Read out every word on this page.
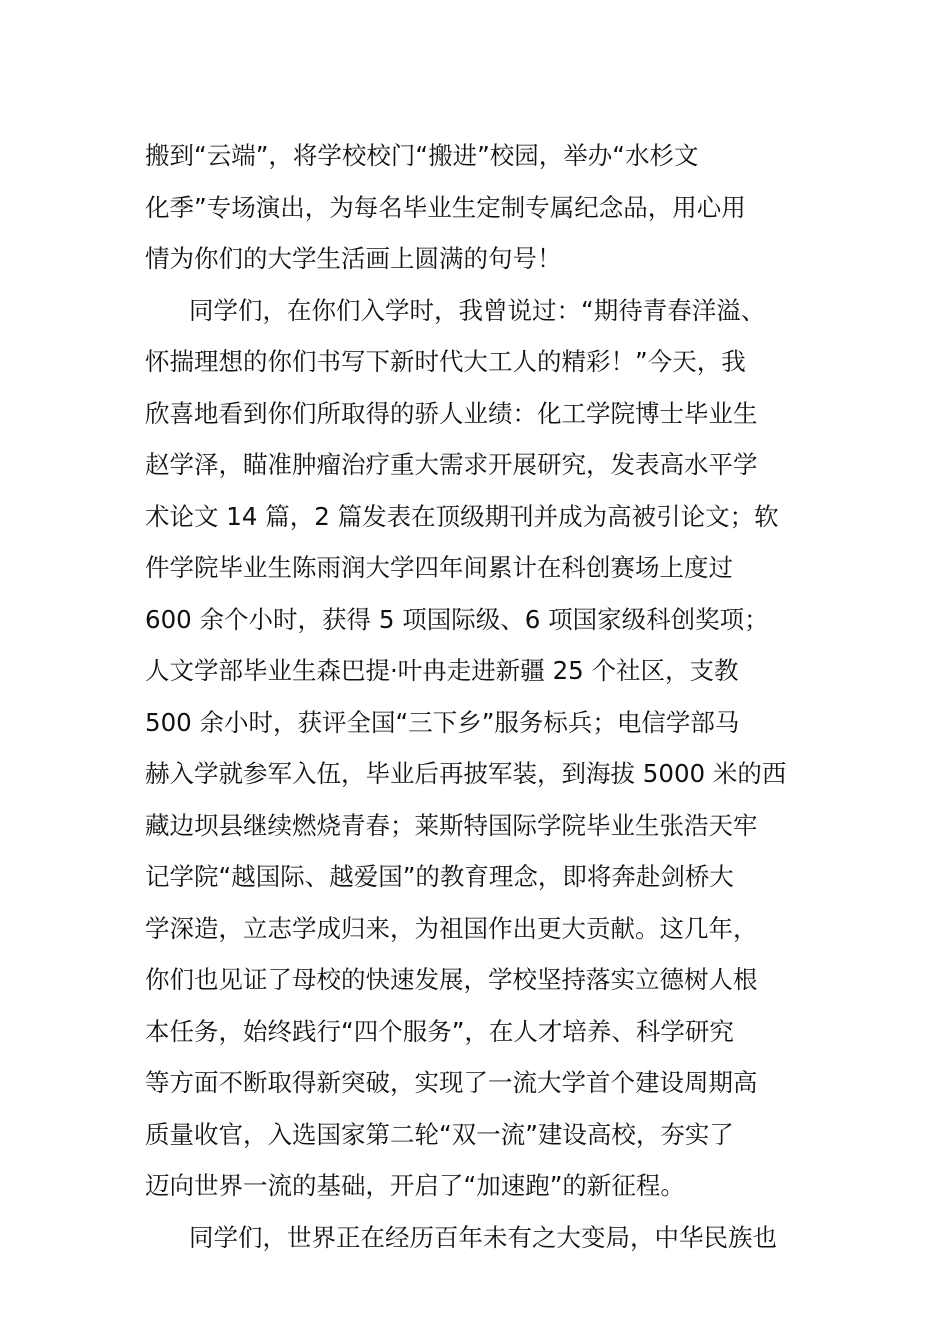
搬到“云端”，将学校校门“搬进”校园，举办“水杉文
化季”专场演出，为每名毕业生定制专属纪念品，用心用
情为你们的大学生活画上圆满的句号！
同学们，在你们入学时，我曾说过：“期待青春洋溢、
怀揣理想的你们书写下新时代大工人的精彩！”今天，我
欣喜地看到你们所取得的骄人业绩：化工学院博士毕业生
赵学泽，瞄准肿瘤治疗重大需求开展研究，发表高水平学
术论文 14 篇，2 篇发表在顶级期刊并成为高被引论文；软
件学院毕业生陈雨润大学四年间累计在科创赛场上度过
600 余个小时，获得 5 项国际级、6 项国家级科创奖项；
人文学部毕业生森巴提·叶冉走进新疆 25 个社区，支教
500 余小时，获评全国“三下乡”服务标兵；电信学部马
赫入学就参军入伍，毕业后再披军装，到海拔 5000 米的西
藏边坝县继续燃烧青春；莱斯特国际学院毕业生张浩天牢
记学院“越国际、越爱国”的教育理念，即将奔赴剑桥大
学深造，立志学成归来，为祖国作出更大贡献。这几年，
你们也见证了母校的快速发展，学校坚持落实立德树人根
本任务，始终践行“四个服务”，在人才培养、科学研究
等方面不断取得新突破，实现了一流大学首个建设周期高
质量收官，入选国家第二轮“双一流”建设高校，夯实了
迈向世界一流的基础，开启了“加速跑”的新征程。
同学们，世界正在经历百年未有之大变局，中华民族也
